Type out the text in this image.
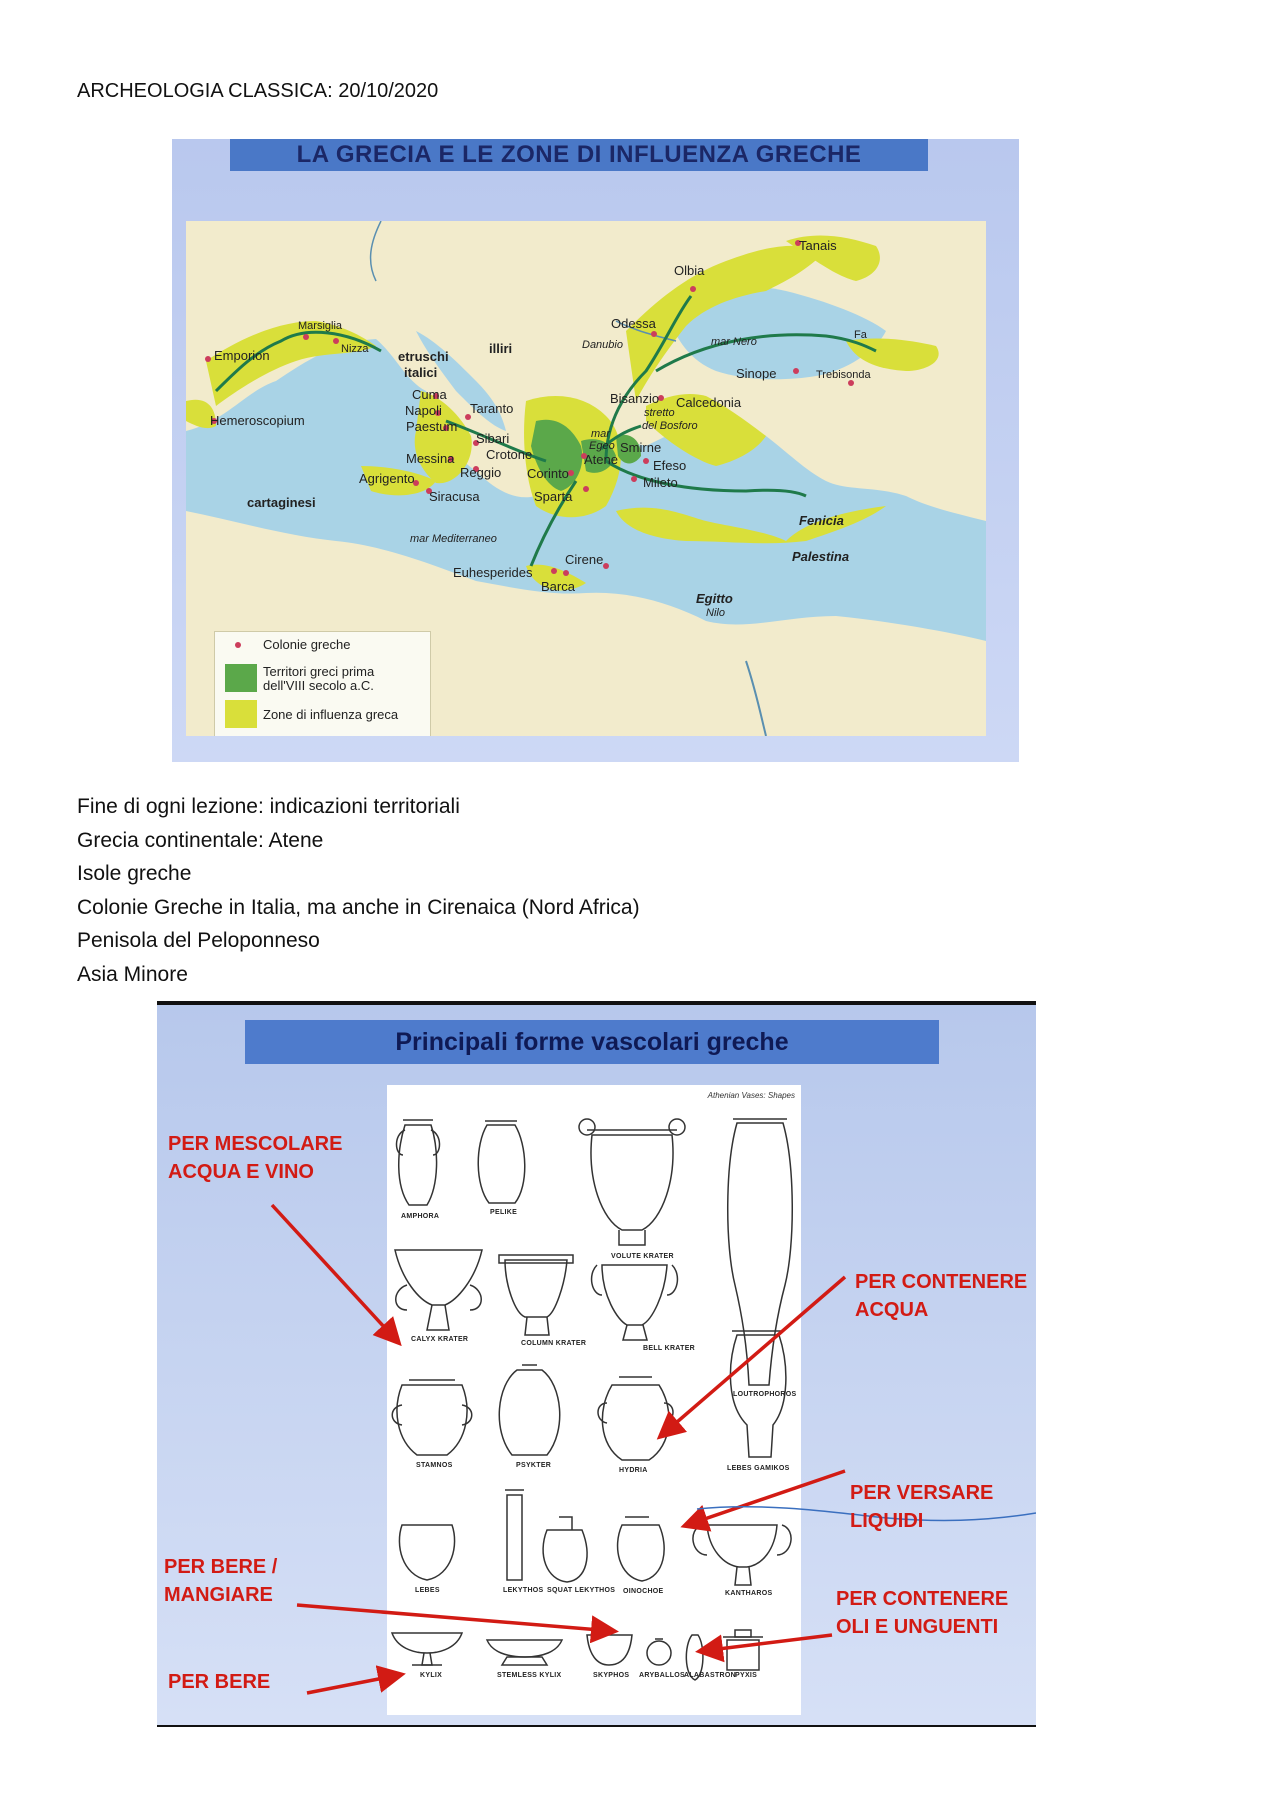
ARCHEOLOGIA CLASSICA: 20/10/2020
LA GRECIA E LE ZONE DI INFLUENZA GRECHE
Tanais
Olbia
Odessa
Danubio	mar Nero
Sinope	Trebisonda
Fa
Marsiglia
Nizza
Emporion	etruschi
italici
illiri
Cuma
Napoli
Paestum
Taranto
Sibari
Crotone
Hemeroscopium
Messina
Reggio
Agrigento
Siracusa
cartaginesi
Bisanzio Calcedonia
stretto
del Bosforo
mar
Egeo Smirne
Atene	Efeso
Mileto
Corinto
Sparta
mar Mediterraneo
Fenicia
Palestina
Cirene
Euhesperides
Barca
Egitto
Nilo
Colonie greche
Territori greci prima
dell'VIII secolo a.C.
Zone di influenza greca
Fine di ogni lezione: indicazioni territoriali
Grecia continentale: Atene
Isole greche
Colonie Greche in Italia, ma anche in Cirenaica (Nord Africa)
Penisola del Peloponneso
Asia Minore
Principali forme vascolari greche
Athenian Vases: Shapes
AMPHORA
PELIKE
VOLUTE KRATER
LOUTROPHOROS
CALYX KRATER
COLUMN KRATER
BELL KRATER
STAMNOS	PSYKTER
HYDRIA	LEBES GAMIKOS
LEBES	LEKYTHOS SQUAT LEKYTHOS OINOCHOE	KANTHAROS
KYLIX	STEMLESS KYLIX	SKYPHOS ARYBALLOS ALABASTRON PYXIS
PER MESCOLARE
ACQUA E VINO
PER CONTENERE
ACQUA
PER VERSARE
LIQUIDI
PER BERE /
MANGIARE	PER CONTENERE
OLI E UNGUENTI
PER BERE
